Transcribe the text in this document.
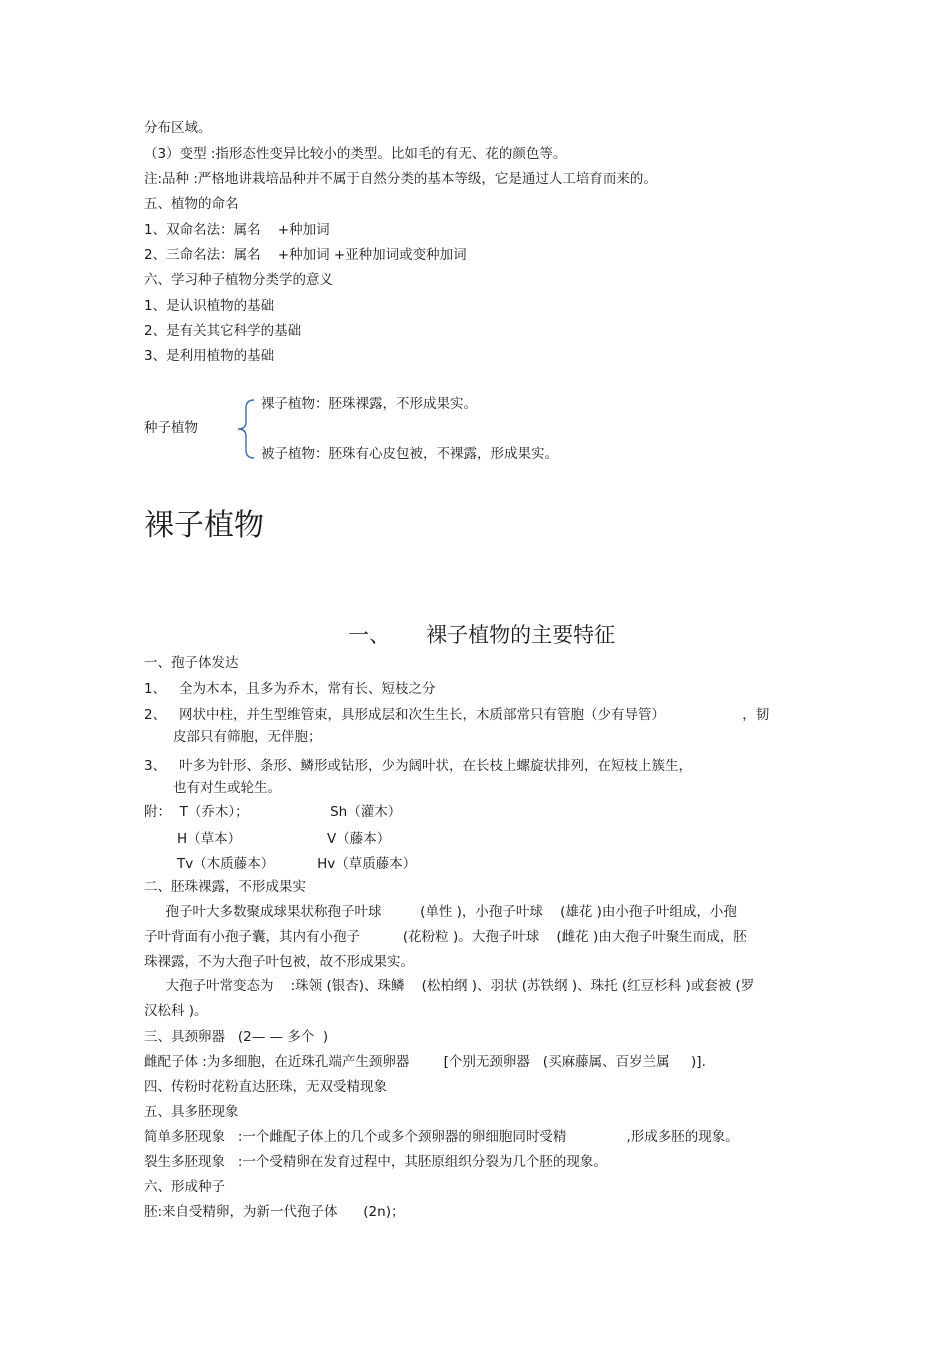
分布区域。
（3）变型 :指形态性变异比较小的类型。比如毛的有无、花的颜色等。
注:品种 :严格地讲栽培品种并不属于自然分类的基本等级，它是通过人工培育而来的。
五、植物的命名
1、双命名法：属名    +种加词
2、三命名法：属名    +种加词 +亚种加词或变种加词
六、学习种子植物分类学的意义
1、是认识植物的基础
2、是有关其它科学的基础
3、是利用植物的基础
种子植物
裸子植物：胚珠裸露，不形成果实。
被子植物：胚珠有心皮包被，不裸露，形成果实。
裸子植物

一、 裸子植物的主要特征

一、孢子体发达
1、   全为木本，且多为乔木，常有长、短枝之分
2、   网状中柱，并生型维管束，具形成层和次生生长，木质部常只有管胞（少有导管）                  ，韧
皮部只有筛胞，无伴胞；
3、   叶多为针形、条形、鳞形或钻形，少为阔叶状，在长枝上螺旋状排列，在短枝上簇生，
也有对生或轮生。
附：  T（乔木）；                   Sh（灌木）
H（草本）                    V（藤本）
Tv（木质藤本）          Hv（草质藤本）
二、胚珠裸露，不形成果实
孢子叶大多数聚成球果状称孢子叶球         (单性 )，小孢子叶球    (雄花 )由小孢子叶组成，小孢
子叶背面有小孢子囊，其内有小孢子          (花粉粒 )。大孢子叶球    (雌花 )由大孢子叶聚生而成，胚
珠裸露，不为大孢子叶包被，故不形成果实。
大孢子叶常变态为    :珠领 (银杏)、珠鳞    (松柏纲 )、羽状 (苏铁纲 )、珠托 (红豆杉科 )或套被 (罗
汉松科 )。
三、具颈卵器   (2— — 多个  )
雌配子体 :为多细胞，在近珠孔端产生颈卵器        [个别无颈卵器   (买麻藤属、百岁兰属     )].
四、传粉时花粉直达胚珠，无双受精现象
五、具多胚现象
简单多胚现象   :一个雌配子体上的几个或多个颈卵器的卵细胞同时受精              ,形成多胚的现象。
裂生多胚现象   :一个受精卵在发育过程中，其胚原组织分裂为几个胚的现象。
六、形成种子
胚:来自受精卵，为新一代孢子体      (2n)；
